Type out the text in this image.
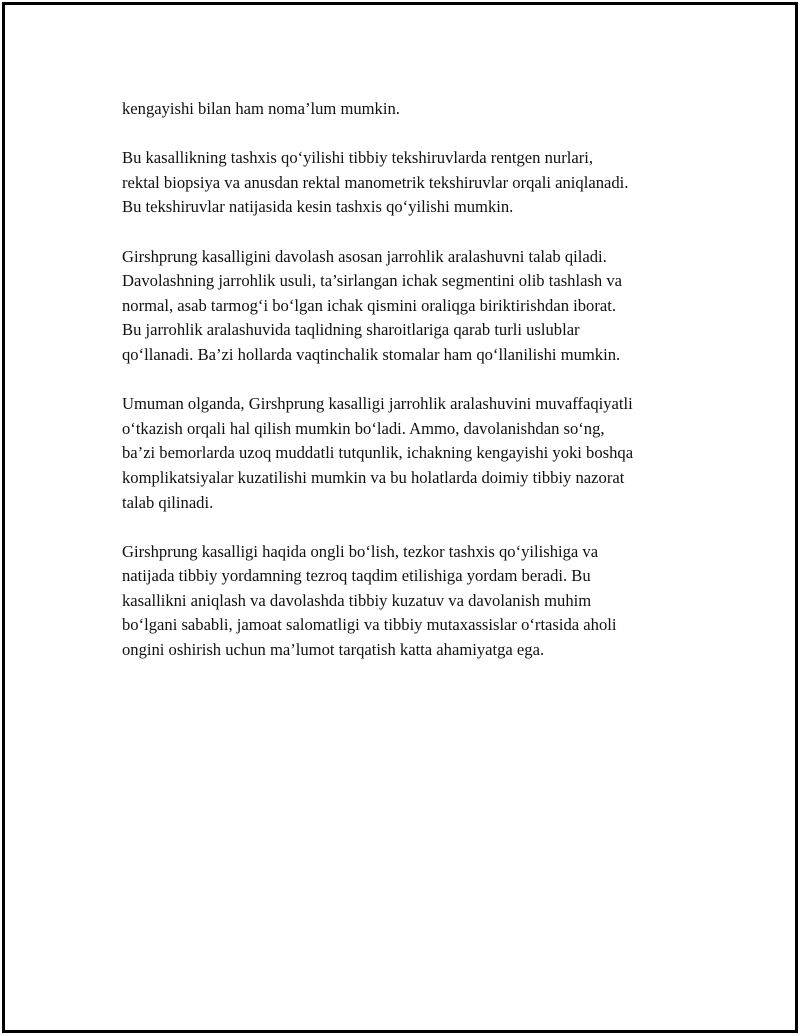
kengayishi bilan ham noma’lum mumkin.

Bu kasallikning tashxis qo‘yilishi tibbiy tekshiruvlarda rentgen nurlari,
rektal biopsiya va anusdan rektal manometrik tekshiruvlar orqali aniqlanadi.
Bu tekshiruvlar natijasida kesin tashxis qo‘yilishi mumkin.

Girshprung kasalligini davolash asosan jarrohlik aralashuvni talab qiladi.
Davolashning jarrohlik usuli, ta’sirlangan ichak segmentini olib tashlash va
normal, asab tarmog‘i bo‘lgan ichak qismini oraliqga biriktirishdan iborat.
Bu jarrohlik aralashuvida taqlidning sharoitlariga qarab turli uslublar
qo‘llanadi. Ba’zi hollarda vaqtinchalik stomalar ham qo‘llanilishi mumkin.

Umuman olganda, Girshprung kasalligi jarrohlik aralashuvini muvaffaqiyatli
o‘tkazish orqali hal qilish mumkin bo‘ladi. Ammo, davolanishdan so‘ng,
ba’zi bemorlarda uzoq muddatli tutqunlik, ichakning kengayishi yoki boshqa
komplikatsiyalar kuzatilishi mumkin va bu holatlarda doimiy tibbiy nazorat
talab qilinadi.

Girshprung kasalligi haqida ongli bo‘lish, tezkor tashxis qo‘yilishiga va
natijada tibbiy yordamning tezroq taqdim etilishiga yordam beradi. Bu
kasallikni aniqlash va davolashda tibbiy kuzatuv va davolanish muhim
bo‘lgani sababli, jamoat salomatligi va tibbiy mutaxassislar o‘rtasida aholi
ongini oshirish uchun ma’lumot tarqatish katta ahamiyatga ega.
